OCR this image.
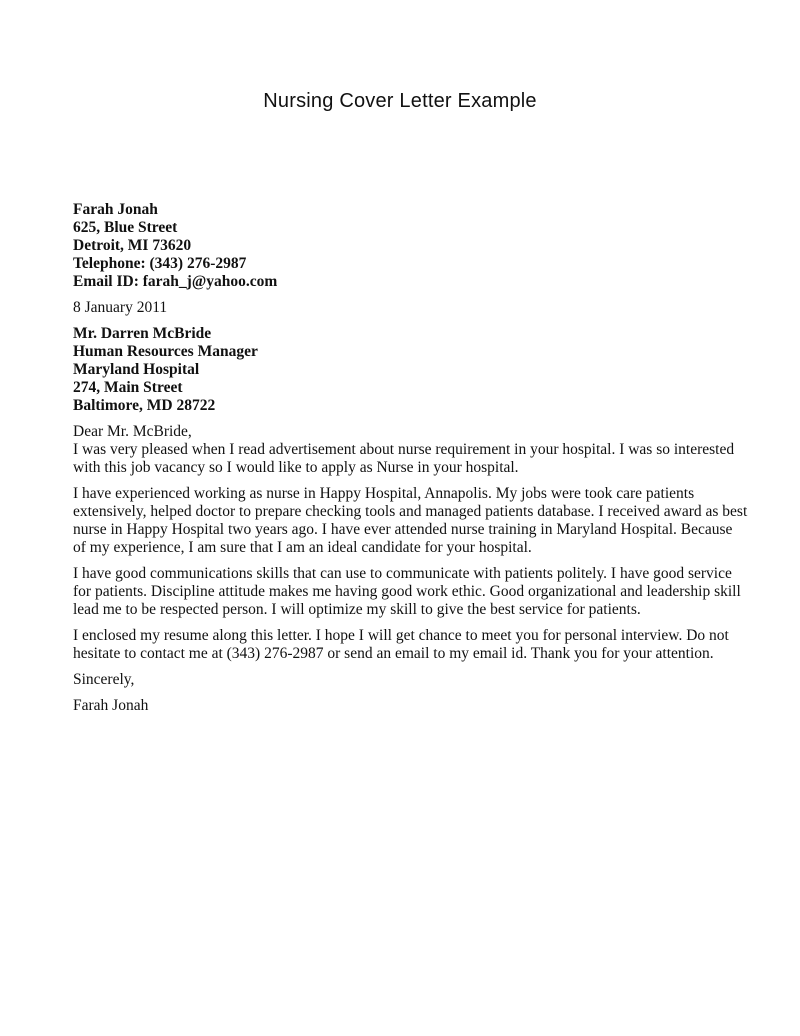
Nursing Cover Letter Example
Farah Jonah
625, Blue Street
Detroit, MI 73620
Telephone: (343) 276-2987
Email ID: farah_j@yahoo.com

8 January 2011

Mr. Darren McBride
Human Resources Manager
Maryland Hospital
274, Main Street
Baltimore, MD 28722

Dear Mr. McBride,

I was very pleased when I read advertisement about nurse requirement in your hospital. I was so interested with this job vacancy so I would like to apply as Nurse in your hospital.

I have experienced working as nurse in Happy Hospital, Annapolis. My jobs were took care patients extensively, helped doctor to prepare checking tools and managed patients database. I received award as best nurse in Happy Hospital two years ago. I have ever attended nurse training in Maryland Hospital. Because of my experience, I am sure that I am an ideal candidate for your hospital.

I have good communications skills that can use to communicate with patients politely. I have good service for patients. Discipline attitude makes me having good work ethic. Good organizational and leadership skill lead me to be respected person. I will optimize my skill to give the best service for patients.

I enclosed my resume along this letter. I hope I will get chance to meet you for personal interview. Do not hesitate to contact me at (343) 276-2987 or send an email to my email id. Thank you for your attention.

Sincerely,

Farah Jonah
